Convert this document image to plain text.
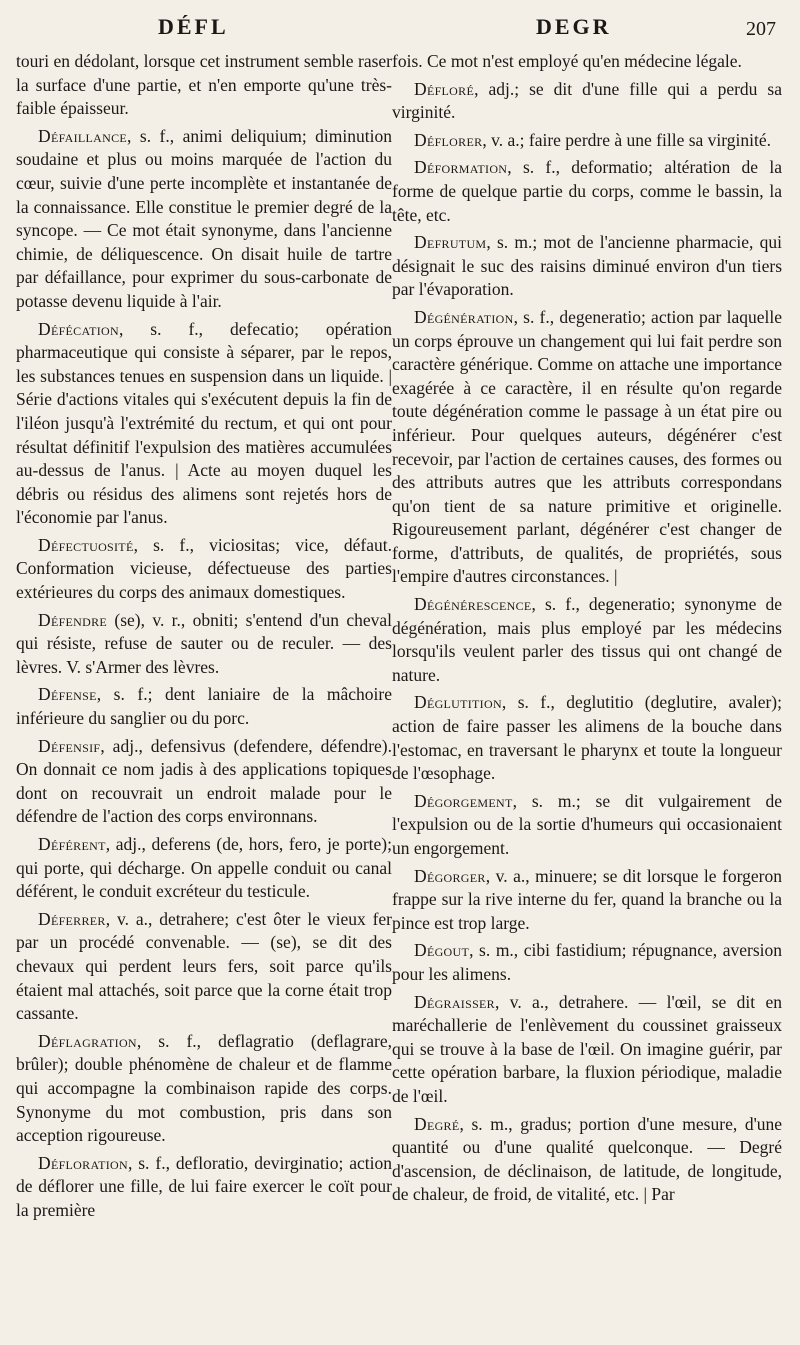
DÉFL	DEGR	207

touri en dédolant, lorsque cet instrument semble raser la surface d'une partie, et n'en emporte qu'une très-faible épaisseur.

Défaillance, s. f., animi deliquium; diminution soudaine et plus ou moins marquée de l'action du cœur, suivie d'une perte incomplète et instantanée de la connaissance. Elle constitue le premier degré de la syncope. — Ce mot était synonyme, dans l'ancienne chimie, de déliquescence. On disait huile de tartre par défaillance, pour exprimer du sous-carbonate de potasse devenu liquide à l'air.

Défécation, s. f., defecatio; opération pharmaceutique qui consiste à séparer, par le repos, les substances tenues en suspension dans un liquide. | Série d'actions vitales qui s'exécutent depuis la fin de l'iléon jusqu'à l'extrémité du rectum, et qui ont pour résultat définitif l'expulsion des matières accumulées au-dessus de l'anus. | Acte au moyen duquel les débris ou résidus des alimens sont rejetés hors de l'économie par l'anus.

Défectuosité, s. f., viciositas; vice, défaut. Conformation vicieuse, défectueuse des parties extérieures du corps des animaux domestiques.

Défendre (se), v. r., obniti; s'entend d'un cheval qui résiste, refuse de sauter ou de reculer. — des lèvres. V. s'Armer des lèvres.

Défense, s. f.; dent laniaire de la mâchoire inférieure du sanglier ou du porc.

Défensif, adj., defensivus (defendere, défendre). On donnait ce nom jadis à des applications topiques dont on recouvrait un endroit malade pour le défendre de l'action des corps environnans.

Déférent, adj., deferens (de, hors, fero, je porte); qui porte, qui décharge. On appelle conduit ou canal déférent, le conduit excréteur du testicule.

Déferrer, v. a., detrahere; c'est ôter le vieux fer par un procédé convenable. — (se), se dit des chevaux qui perdent leurs fers, soit parce qu'ils étaient mal attachés, soit parce que la corne était trop cassante.

Déflagration, s. f., deflagratio (deflagrare, brûler); double phénomène de chaleur et de flamme qui accompagne la combinaison rapide des corps. Synonyme du mot combustion, pris dans son acception rigoureuse.

Défloration, s. f., defloratio, devirginatio; action de déflorer une fille, de lui faire exercer le coït pour la première

fois. Ce mot n'est employé qu'en médecine légale.

Défloré, adj.; se dit d'une fille qui a perdu sa virginité.

Déflorer, v. a.; faire perdre à une fille sa virginité.

Déformation, s. f., deformatio; altération de la forme de quelque partie du corps, comme le bassin, la tête, etc.

Defrutum, s. m.; mot de l'ancienne pharmacie, qui désignait le suc des raisins diminué environ d'un tiers par l'évaporation.

Dégénération, s. f., degeneratio; action par laquelle un corps éprouve un changement qui lui fait perdre son caractère générique. Comme on attache une importance exagérée à ce caractère, il en résulte qu'on regarde toute dégénération comme le passage à un état pire ou inférieur. Pour quelques auteurs, dégénérer c'est recevoir, par l'action de certaines causes, des formes ou des attributs autres que les attributs correspondans qu'on tient de sa nature primitive et originelle. Rigoureusement parlant, dégénérer c'est changer de forme, d'attributs, de qualités, de propriétés, sous l'empire d'autres circonstances. |

Dégénérescence, s. f., degeneratio; synonyme de dégénération, mais plus employé par les médecins lorsqu'ils veulent parler des tissus qui ont changé de nature.

Déglutition, s. f., deglutitio (deglutire, avaler); action de faire passer les alimens de la bouche dans l'estomac, en traversant le pharynx et toute la longueur de l'œsophage.

Dégorgement, s. m.; se dit vulgairement de l'expulsion ou de la sortie d'humeurs qui occasionaient un engorgement.

Dégorger, v. a., minuere; se dit lorsque le forgeron frappe sur la rive interne du fer, quand la branche ou la pince est trop large.

Dégout, s. m., cibi fastidium; répugnance, aversion pour les alimens.

Dégraisser, v. a., detrahere. — l'œil, se dit en maréchallerie de l'enlèvement du coussinet graisseux qui se trouve à la base de l'œil. On imagine guérir, par cette opération barbare, la fluxion périodique, maladie de l'œil.

Degré, s. m., gradus; portion d'une mesure, d'une quantité ou d'une qualité quelconque. — Degré d'ascension, de déclinaison, de latitude, de longitude, de chaleur, de froid, de vitalité, etc. | Par
